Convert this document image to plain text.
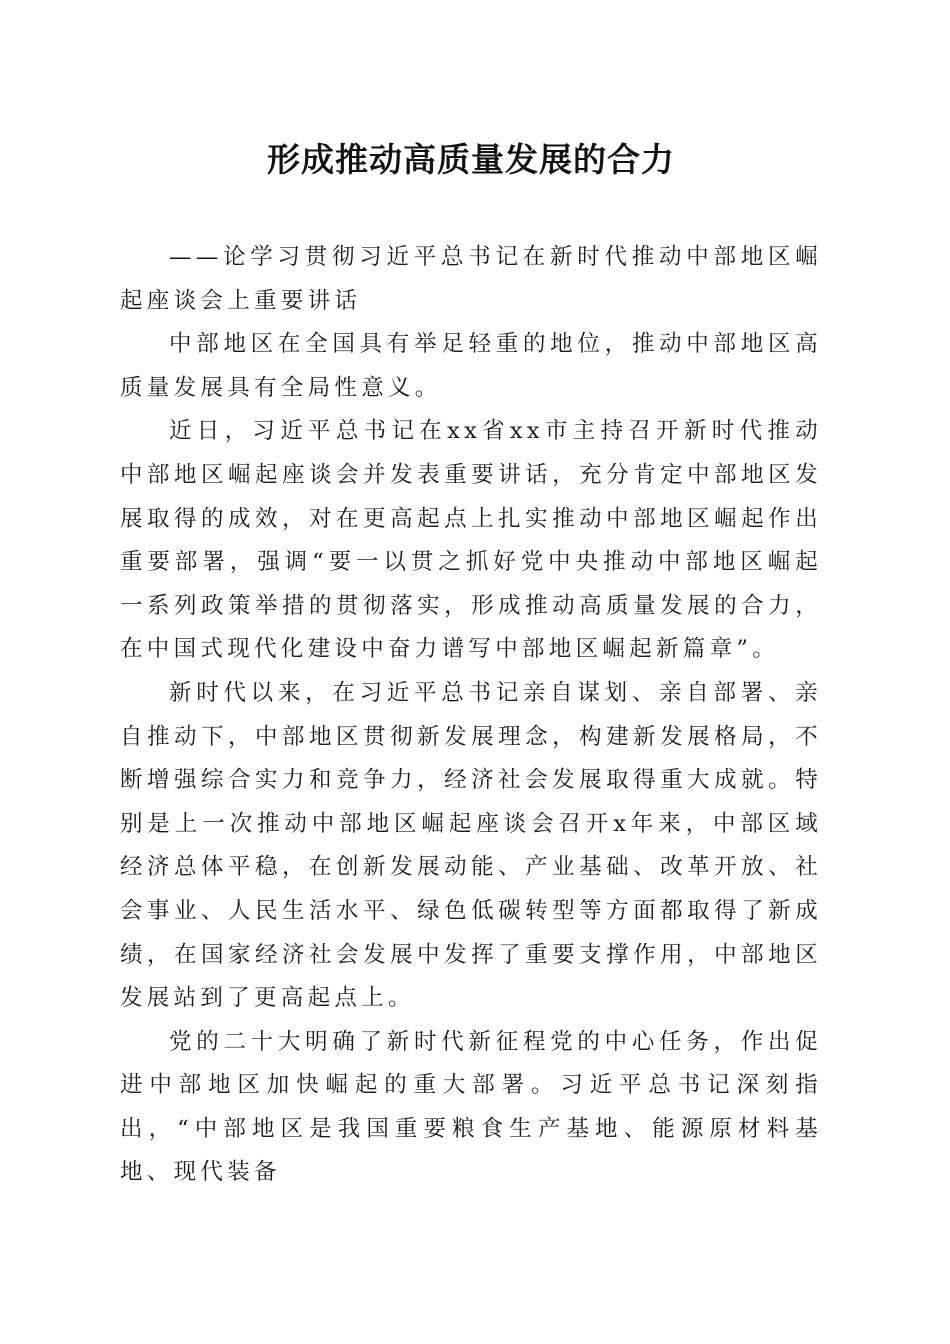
形成推动高质量发展的合力

——论学习贯彻习近平总书记在新时代推动中部地区崛起座谈会上重要讲话

中部地区在全国具有举足轻重的地位，推动中部地区高质量发展具有全局性意义。

近日，习近平总书记在xx省xx市主持召开新时代推动中部地区崛起座谈会并发表重要讲话，充分肯定中部地区发展取得的成效，对在更高起点上扎实推动中部地区崛起作出重要部署，强调“要一以贯之抓好党中央推动中部地区崛起一系列政策举措的贯彻落实，形成推动高质量发展的合力，在中国式现代化建设中奋力谱写中部地区崛起新篇章”。

新时代以来，在习近平总书记亲自谋划、亲自部署、亲自推动下，中部地区贯彻新发展理念，构建新发展格局，不断增强综合实力和竞争力，经济社会发展取得重大成就。特别是上一次推动中部地区崛起座谈会召开x年来，中部区域经济总体平稳，在创新发展动能、产业基础、改革开放、社会事业、人民生活水平、绿色低碳转型等方面都取得了新成绩，在国家经济社会发展中发挥了重要支撑作用，中部地区发展站到了更高起点上。

党的二十大明确了新时代新征程党的中心任务，作出促进中部地区加快崛起的重大部署。习近平总书记深刻指出，“中部地区是我国重要粮食生产基地、能源原材料基地、现代装备
